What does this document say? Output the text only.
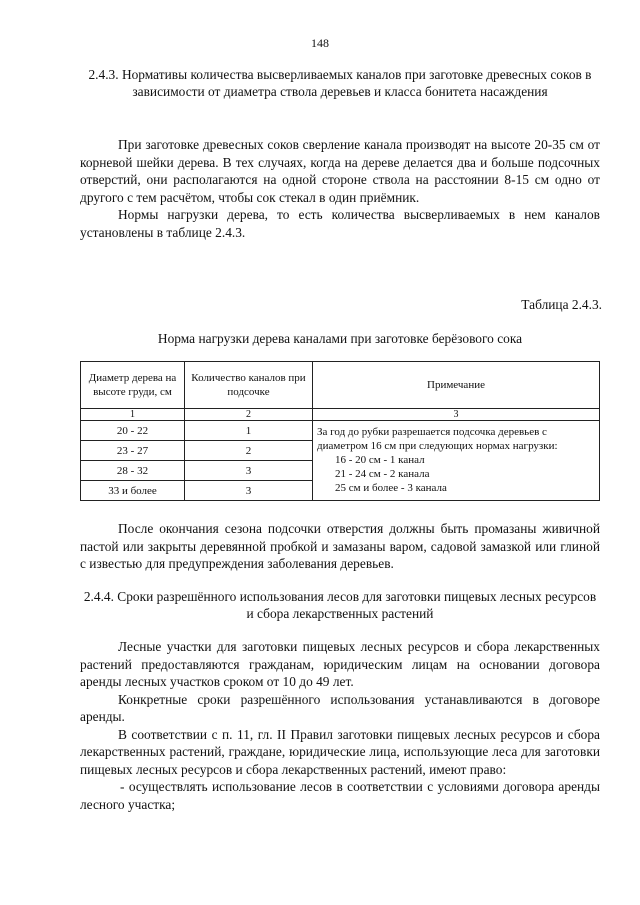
148
2.4.3. Нормативы количества высверливаемых каналов при заготовке древесных соков в зависимости от диаметра ствола деревьев и класса бонитета насаждения

При заготовке древесных соков сверление канала производят на высоте 20-35 см от корневой шейки дерева. В тех случаях, когда на дереве делается два и больше подсочных отверстий, они располагаются на одной стороне ствола на расстоянии 8-15 см одно от другого с тем расчётом, чтобы сок стекал в один приёмник.

Нормы нагрузки дерева, то есть количества высверливаемых в нем каналов установлены в таблице 2.4.3.

Таблица 2.4.3.
Норма нагрузки дерева каналами при заготовке берёзового сока
Диаметр дерева на высоте груди, см	Количество каналов при подсочке	Примечание
1	2	3
20 - 22	1	За год до рубки разрешается подсочка деревьев с диаметром 16 см при следующих нормах нагрузки:
16 - 20 см - 1 канал
21 - 24 см - 2 канала
25 см и более - 3 канала

23 - 27	2	
28 - 32	3	
33 и более	3	

После окончания сезона подсочки отверстия должны быть промазаны живичной пастой или закрыты деревянной пробкой и замазаны варом, садовой замазкой или глиной с известью для предупреждения заболевания деревьев.

2.4.4. Сроки разрешённого использования лесов для заготовки пищевых лесных ресурсов и сбора лекарственных растений

Лесные участки для заготовки пищевых лесных ресурсов и сбора лекарственных растений предоставляются гражданам, юридическим лицам на основании договора аренды лесных участков сроком от 10 до 49 лет.

Конкретные сроки разрешённого использования устанавливаются в договоре аренды.

В соответствии с п. 11, гл. II Правил заготовки пищевых лесных ресурсов и сбора лекарственных растений, граждане, юридические лица, использующие леса для заготовки пищевых лесных ресурсов и сбора лекарственных растений, имеют право:

- осуществлять использование лесов в соответствии с условиями договора аренды лесного участка;
